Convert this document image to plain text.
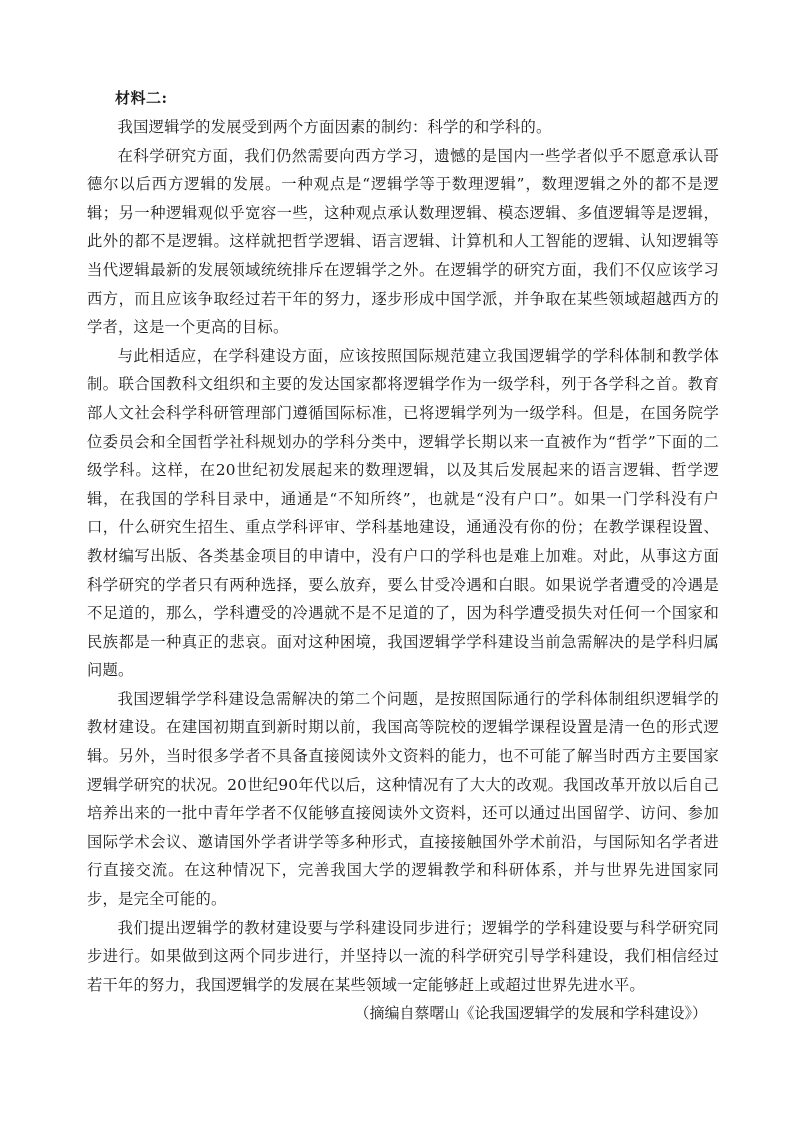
材料二:

我国逻辑学的发展受到两个方面因素的制约：科学的和学科的。

在科学研究方面，我们仍然需要向西方学习，遗憾的是国内一些学者似乎不愿意承认哥德尔以后西方逻辑的发展。一种观点是“逻辑学等于数理逻辑”，数理逻辑之外的都不是逻辑；另一种逻辑观似乎宽容一些，这种观点承认数理逻辑、模态逻辑、多值逻辑等是逻辑，此外的都不是逻辑。这样就把哲学逻辑、语言逻辑、计算机和人工智能的逻辑、认知逻辑等当代逻辑最新的发展领域统统排斥在逻辑学之外。在逻辑学的研究方面，我们不仅应该学习西方，而且应该争取经过若干年的努力，逐步形成中国学派，并争取在某些领域超越西方的学者，这是一个更高的目标。

与此相适应，在学科建设方面，应该按照国际规范建立我国逻辑学的学科体制和教学体制。联合国教科文组织和主要的发达国家都将逻辑学作为一级学科，列于各学科之首。教育部人文社会科学科研管理部门遵循国际标准，已将逻辑学列为一级学科。但是，在国务院学位委员会和全国哲学社科规划办的学科分类中，逻辑学长期以来一直被作为“哲学”下面的二级学科。这样，在20世纪初发展起来的数理逻辑，以及其后发展起来的语言逻辑、哲学逻辑，在我国的学科目录中，通通是“不知所终”，也就是“没有户口”。如果一门学科没有户口，什么研究生招生、重点学科评审、学科基地建设，通通没有你的份；在教学课程设置、教材编写出版、各类基金项目的申请中，没有户口的学科也是难上加难。对此，从事这方面科学研究的学者只有两种选择，要么放弃，要么甘受冷遇和白眼。如果说学者遭受的冷遇是不足道的，那么，学科遭受的冷遇就不是不足道的了，因为科学遭受损失对任何一个国家和民族都是一种真正的悲哀。面对这种困境，我国逻辑学学科建设当前急需解决的是学科归属问题。

我国逻辑学学科建设急需解决的第二个问题，是按照国际通行的学科体制组织逻辑学的教材建设。在建国初期直到新时期以前，我国高等院校的逻辑学课程设置是清一色的形式逻辑。另外，当时很多学者不具备直接阅读外文资料的能力，也不可能了解当时西方主要国家逻辑学研究的状况。20世纪90年代以后，这种情况有了大大的改观。我国改革开放以后自己培养出来的一批中青年学者不仅能够直接阅读外文资料，还可以通过出国留学、访问、参加国际学术会议、邀请国外学者讲学等多种形式，直接接触国外学术前沿，与国际知名学者进行直接交流。在这种情况下，完善我国大学的逻辑教学和科研体系，并与世界先进国家同步，是完全可能的。

我们提出逻辑学的教材建设要与学科建设同步进行；逻辑学的学科建设要与科学研究同步进行。如果做到这两个同步进行，并坚持以一流的科学研究引导学科建设，我们相信经过若干年的努力，我国逻辑学的发展在某些领域一定能够赶上或超过世界先进水平。

（摘编自蔡曙山《论我国逻辑学的发展和学科建设》）
